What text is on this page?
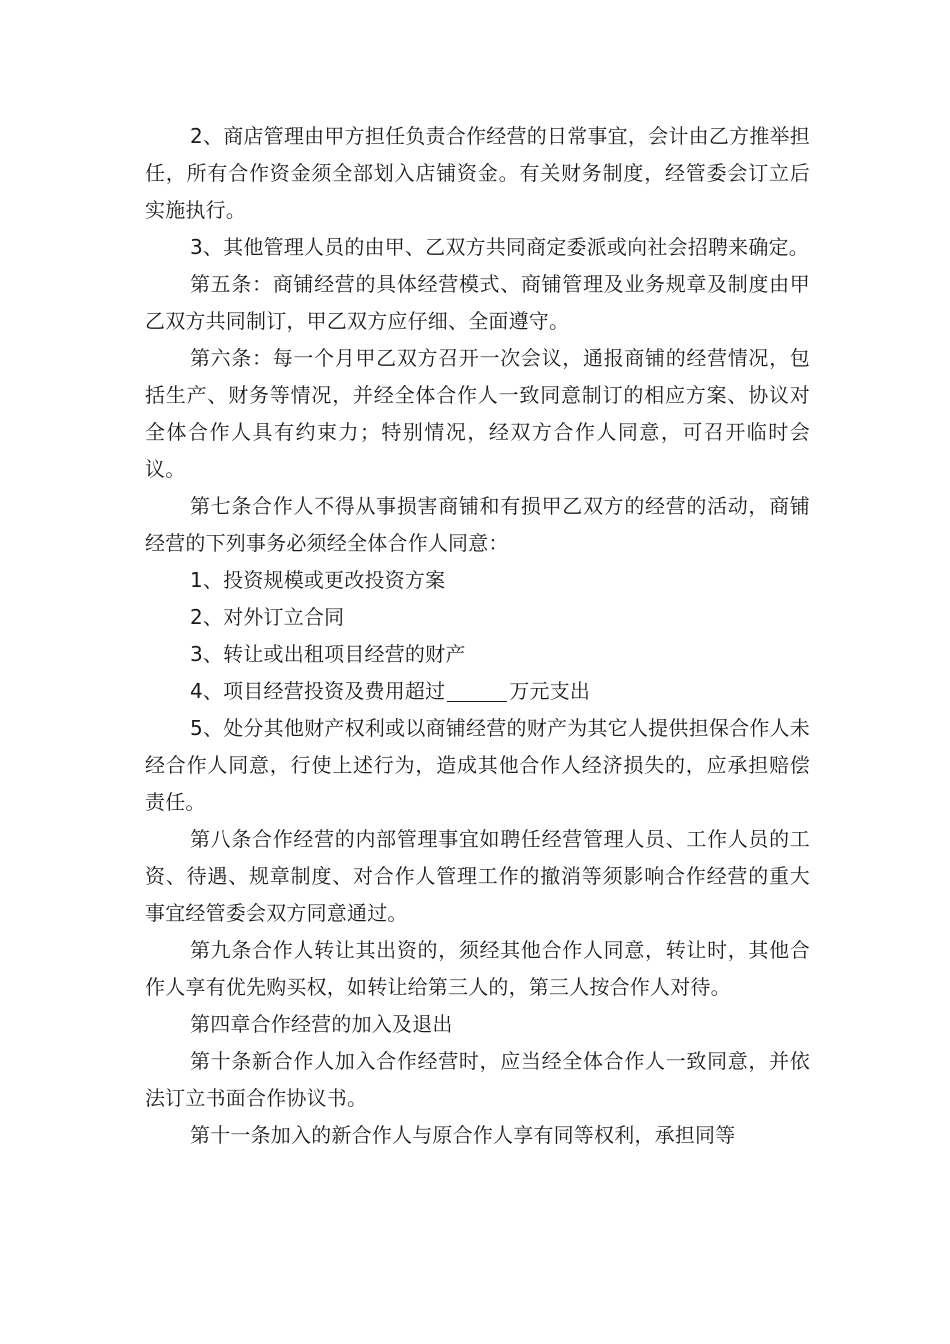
2、商店管理由甲方担任负责合作经营的日常事宜，会计由乙方推举担任，所有合作资金须全部划入店铺资金。有关财务制度，经管委会订立后实施执行。

3、其他管理人员的由甲、乙双方共同商定委派或向社会招聘来确定。

第五条：商铺经营的具体经营模式、商铺管理及业务规章及制度由甲乙双方共同制订，甲乙双方应仔细、全面遵守。

第六条：每一个月甲乙双方召开一次会议，通报商铺的经营情况，包括生产、财务等情况，并经全体合作人一致同意制订的相应方案、协议对全体合作人具有约束力；特别情况，经双方合作人同意，可召开临时会议。

第七条合作人不得从事损害商铺和有损甲乙双方的经营的活动，商铺经营的下列事务必须经全体合作人同意：

1、投资规模或更改投资方案

2、对外订立合同

3、转让或出租项目经营的财产

4、项目经营投资及费用超过	万元支出

5、处分其他财产权利或以商铺经营的财产为其它人提供担保合作人未经合作人同意，行使上述行为，造成其他合作人经济损失的，应承担赔偿责任。

第八条合作经营的内部管理事宜如聘任经营管理人员、工作人员的工资、待遇、规章制度、对合作人管理工作的撤消等须影响合作经营的重大事宜经管委会双方同意通过。

第九条合作人转让其出资的，须经其他合作人同意，转让时，其他合作人享有优先购买权，如转让给第三人的，第三人按合作人对待。

第四章合作经营的加入及退出

第十条新合作人加入合作经营时，应当经全体合作人一致同意，并依法订立书面合作协议书。

第十一条加入的新合作人与原合作人享有同等权利，承担同等
